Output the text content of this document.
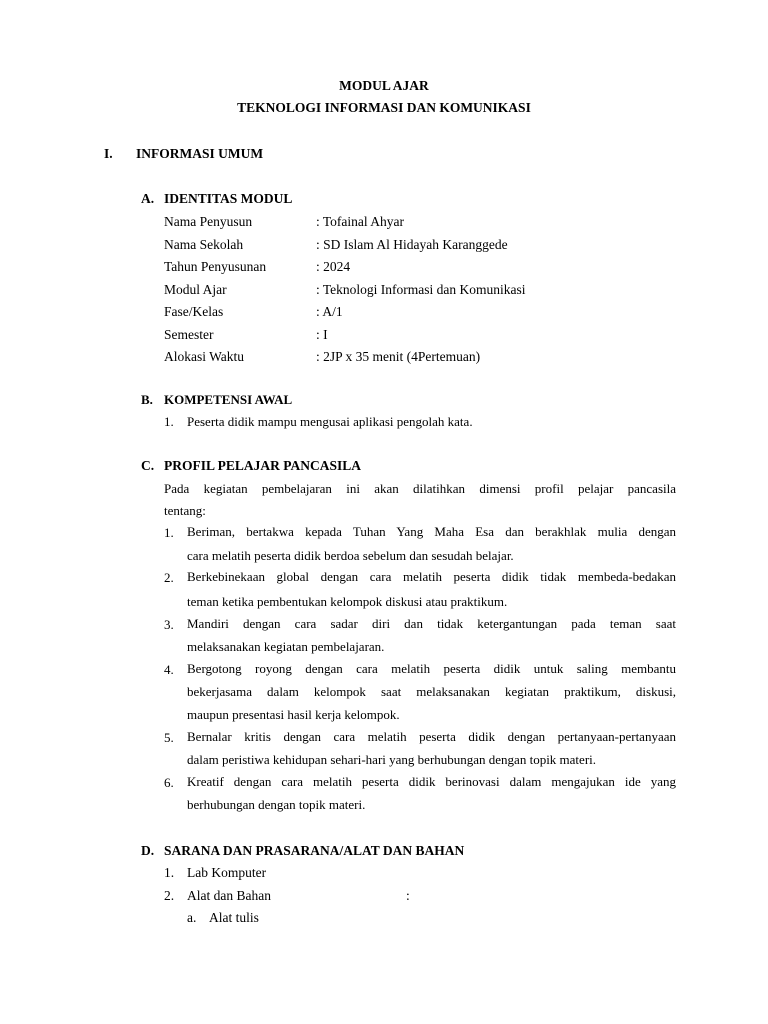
MODUL AJAR
TEKNOLOGI INFORMASI DAN KOMUNIKASI
I. INFORMASI UMUM
A. IDENTITAS MODUL
Nama Penyusun	: Tofainal Ahyar
Nama Sekolah	: SD Islam Al Hidayah Karanggede
Tahun Penyusunan	: 2024
Modul Ajar	: Teknologi Informasi dan Komunikasi
Fase/Kelas	: A/1
Semester	: I
Alokasi Waktu	: 2JP x 35 menit (4Pertemuan)
B. KOMPETENSI AWAL
1. Peserta didik mampu mengusai aplikasi pengolah kata.
C. PROFIL PELAJAR PANCASILA
Pada kegiatan pembelajaran ini akan dilatihkan dimensi profil pelajar pancasila
tentang:
1. Beriman, bertakwa kepada Tuhan Yang Maha Esa dan berakhlak mulia dengan
cara melatih peserta didik berdoa sebelum dan sesudah belajar.
2. Berkebinekaan global dengan cara melatih peserta didik tidak membeda-bedakan
teman ketika pembentukan kelompok diskusi atau praktikum.
3. Mandiri dengan cara sadar diri dan tidak ketergantungan pada teman saat
melaksanakan kegiatan pembelajaran.
4. Bergotong royong dengan cara melatih peserta didik untuk saling membantu
bekerjasama dalam kelompok saat melaksanakan kegiatan praktikum, diskusi,
maupun presentasi hasil kerja kelompok.
5. Bernalar kritis dengan cara melatih peserta didik dengan pertanyaan-pertanyaan
dalam peristiwa kehidupan sehari-hari yang berhubungan dengan topik materi.
6. Kreatif dengan cara melatih peserta didik berinovasi dalam mengajukan ide yang
berhubungan dengan topik materi.
D. SARANA DAN PRASARANA/ALAT DAN BAHAN
1. Lab Komputer
2. Alat dan Bahan	:
a. Alat tulis
